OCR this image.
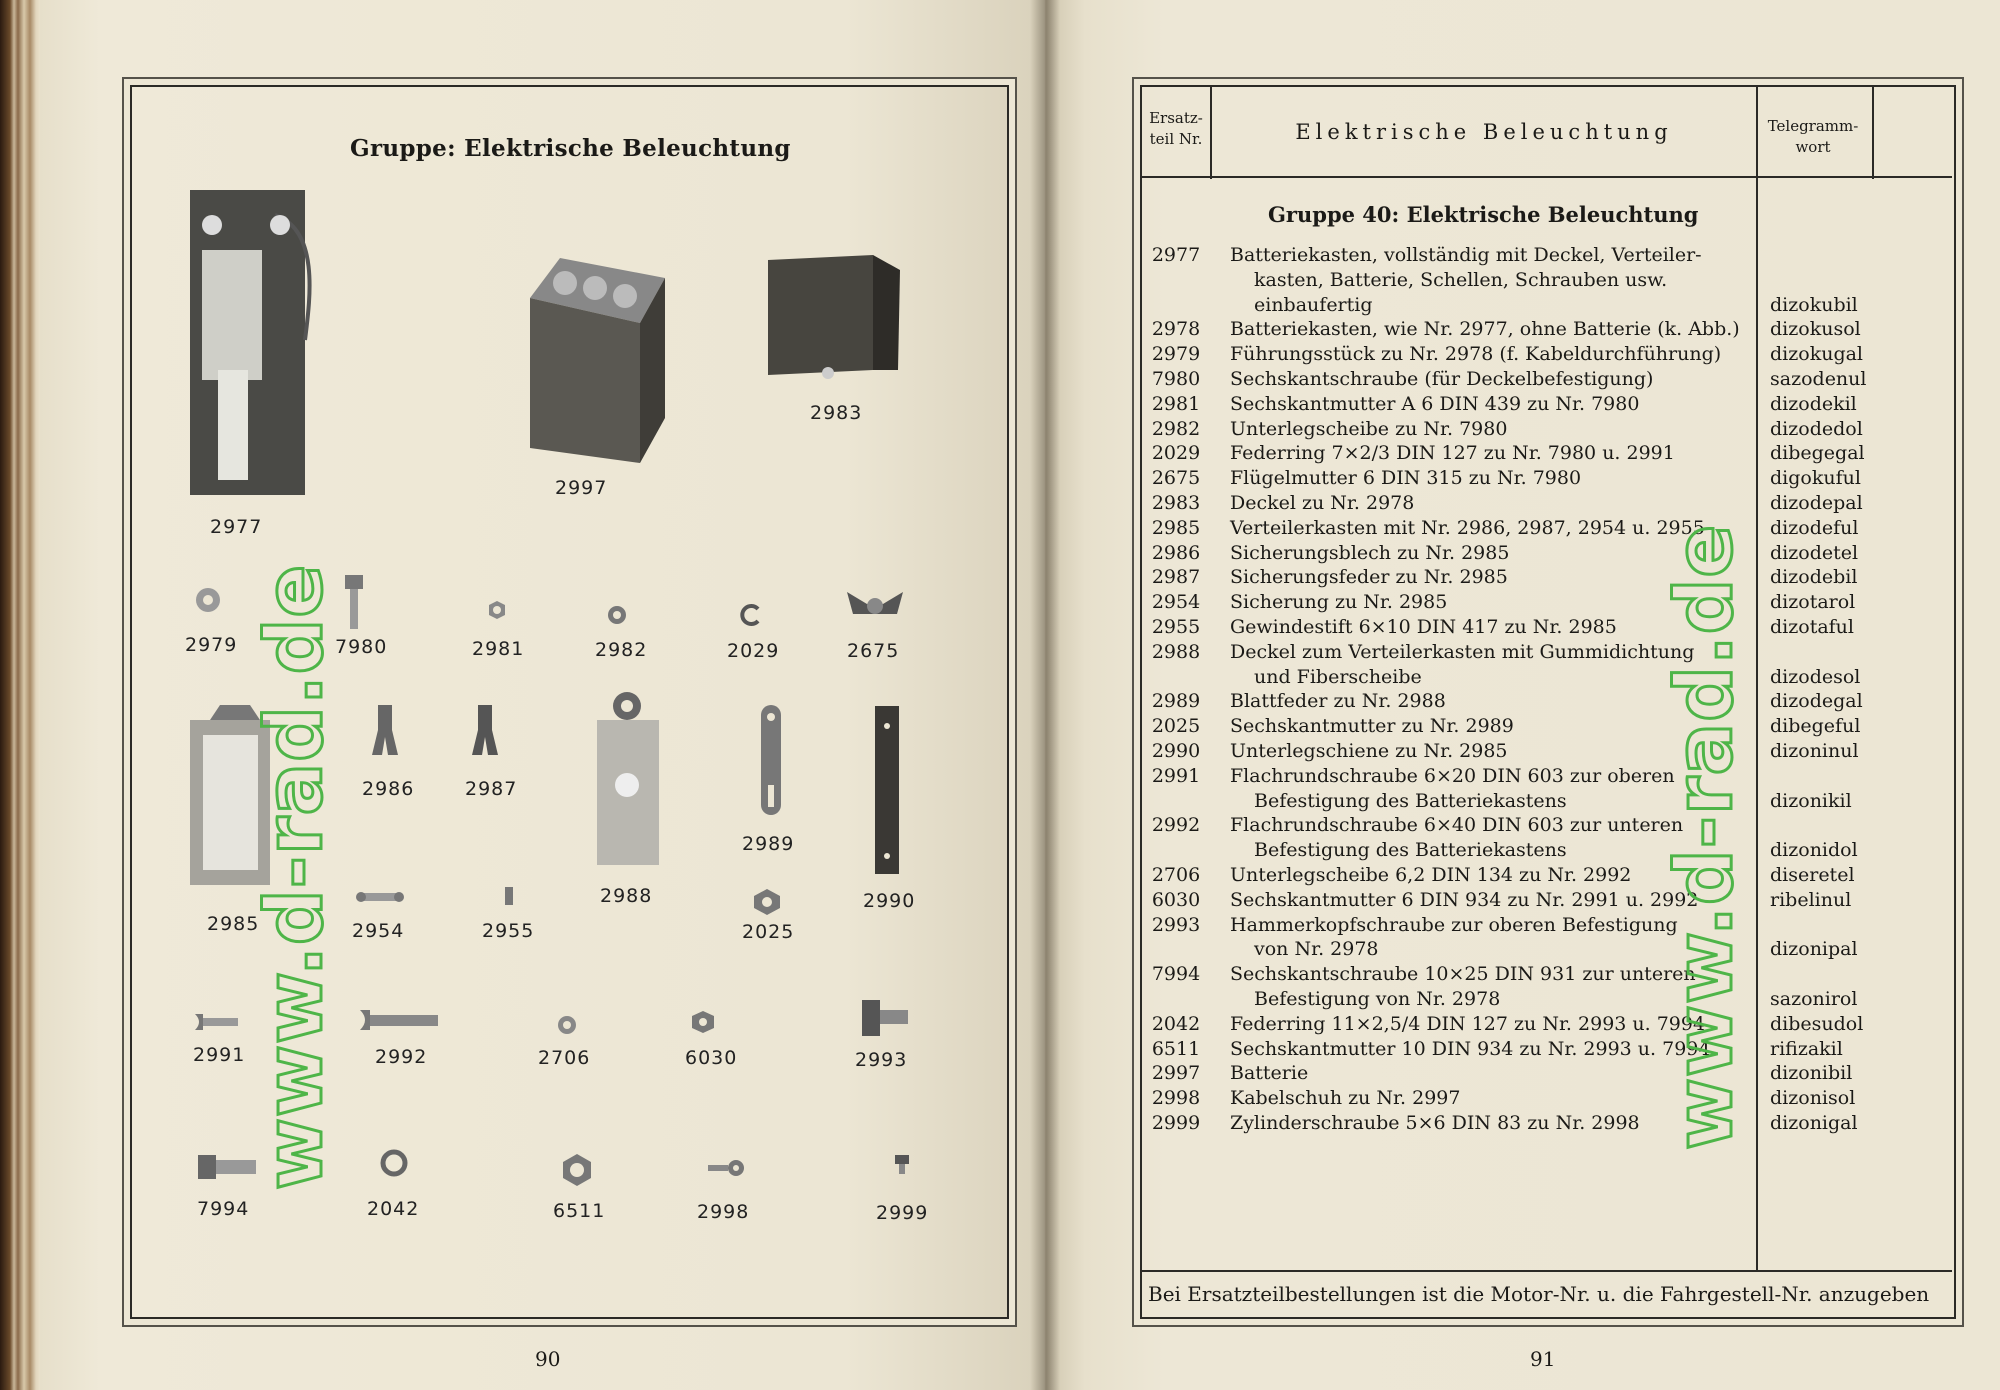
Gruppe: Elektrische Beleuchtung
2977
2997
2983
2979	7980	2981	2982	2029	2675
2986	2987
2989
2985	2954	2955
2988
2025
2990
2991	2992	2706	6030	2993
7994	2042	6511	2998	2999
www.d-rad.de
90
Ersatz-
teil Nr.	Elektrische Beleuchtung	Telegramm-
wort
Gruppe 40: Elektrische Beleuchtung
2977	Batteriekasten, vollständig mit Deckel, Verteiler-
kasten, Batterie, Schellen, Schrauben usw.
einbaufertig	dizokubil
2978	Batteriekasten, wie Nr. 2977, ohne Batterie (k. Abb.)	dizokusol
2979	Führungsstück zu Nr. 2978 (f. Kabeldurchführung)	dizokugal
7980	Sechskantschraube (für Deckelbefestigung)	sazodenul
2981	Sechskantmutter A 6 DIN 439 zu Nr. 7980	dizodekil
2982	Unterlegscheibe zu Nr. 7980	dizodedol
2029	Federring 7×2/3 DIN 127 zu Nr. 7980 u. 2991	dibegegal
2675	Flügelmutter 6 DIN 315 zu Nr. 7980	digokuful
2983	Deckel zu Nr. 2978	dizodepal
2985	Verteilerkasten mit Nr. 2986, 2987, 2954 u. 2955	dizodeful
2986	Sicherungsblech zu Nr. 2985	dizodetel
2987	Sicherungsfeder zu Nr. 2985	dizodebil
2954	Sicherung zu Nr. 2985	dizotarol
2955	Gewindestift 6×10 DIN 417 zu Nr. 2985	dizotaful
2988	Deckel zum Verteilerkasten mit Gummidichtung
und Fiberscheibe	dizodesol
2989	Blattfeder zu Nr. 2988	dizodegal
2025	Sechskantmutter zu Nr. 2989	dibegeful
2990	Unterlegschiene zu Nr. 2985	dizoninul
2991	Flachrundschraube 6×20 DIN 603 zur oberen
Befestigung des Batteriekastens	dizonikil
2992	Flachrundschraube 6×40 DIN 603 zur unteren
Befestigung des Batteriekastens	dizonidol
2706	Unterlegscheibe 6,2 DIN 134 zu Nr. 2992	diseretel
6030	Sechskantmutter 6 DIN 934 zu Nr. 2991 u. 2992	ribelinul
2993	Hammerkopfschraube zur oberen Befestigung
von Nr. 2978	dizonipal
7994	Sechskantschraube 10×25 DIN 931 zur unteren
Befestigung von Nr. 2978	sazonirol
2042	Federring 11×2,5/4 DIN 127 zu Nr. 2993 u. 7994	dibesudol
6511	Sechskantmutter 10 DIN 934 zu Nr. 2993 u. 7994	rifizakil
2997	Batterie	dizonibil
2998	Kabelschuh zu Nr. 2997	dizonisol
2999	Zylinderschraube 5×6 DIN 83 zu Nr. 2998	dizonigal
Bei Ersatzteilbestellungen ist die Motor-Nr. u. die Fahrgestell-Nr. anzugeben
www.d-rad.de
91
